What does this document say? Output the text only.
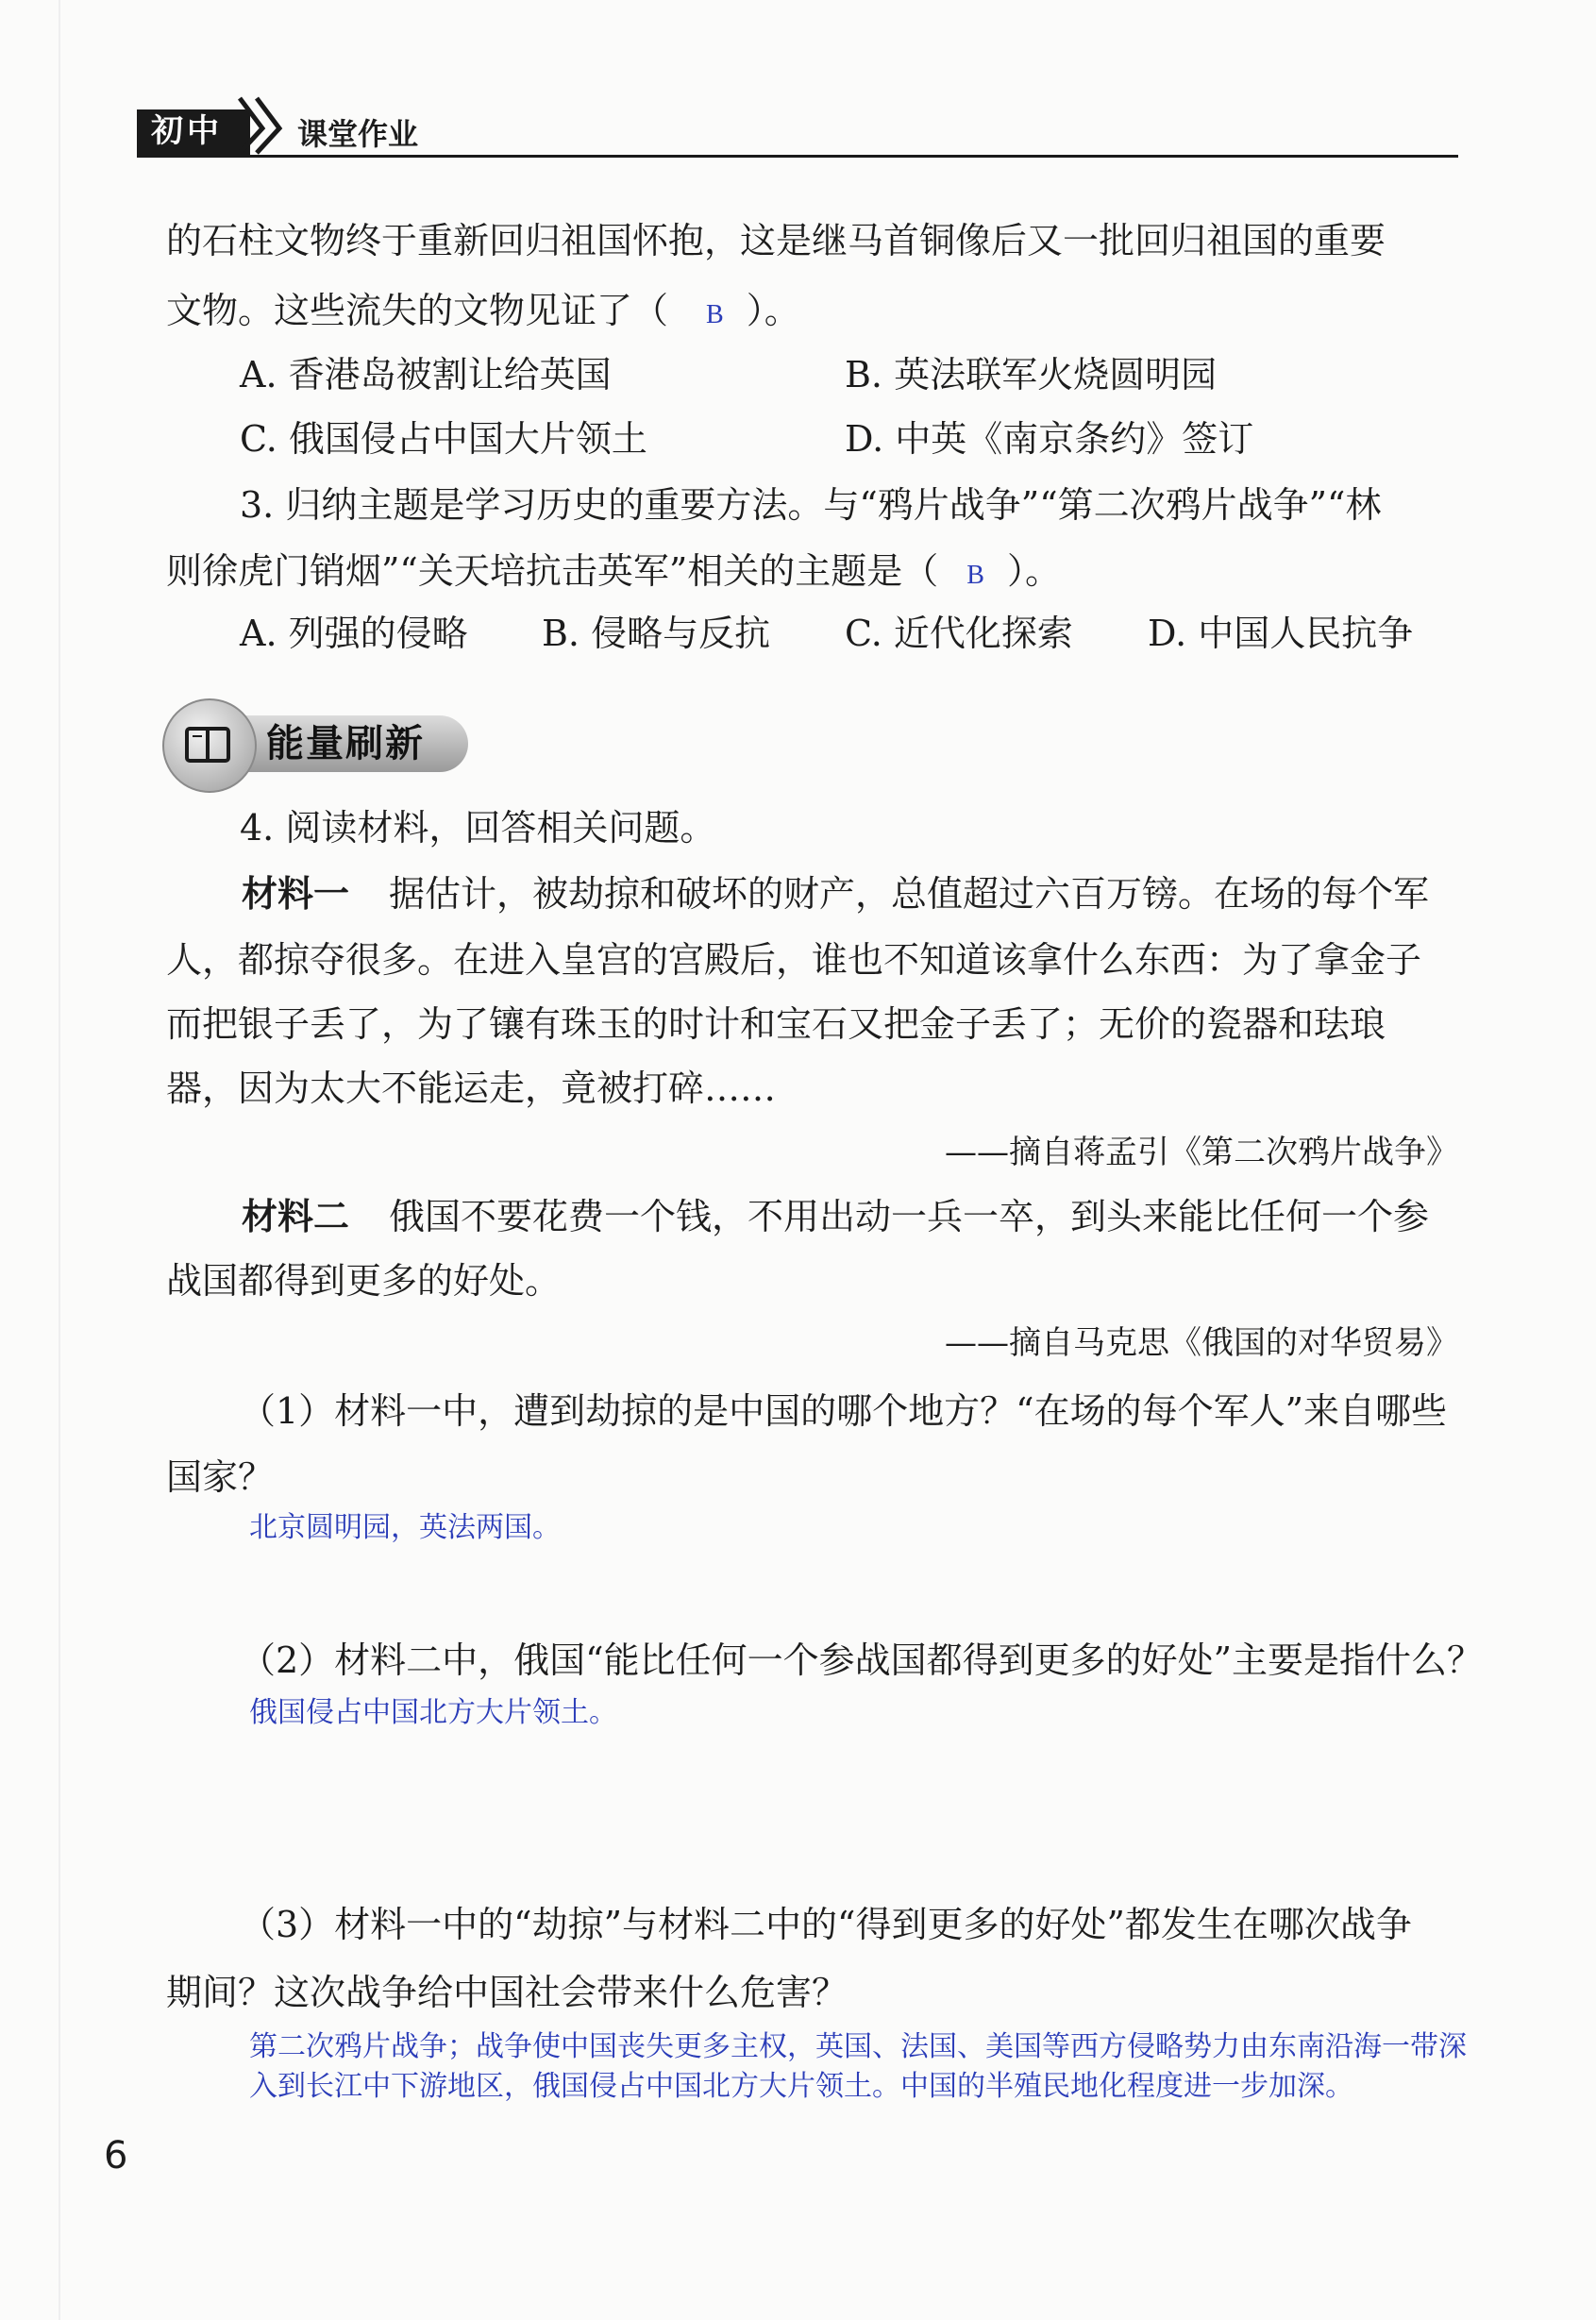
初中 课堂作业
的石柱文物终于重新回归祖国怀抱，这是继马首铜像后又一批回归祖国的重要
文物。这些流失的文物见证了（ B ）。
A. 香港岛被割让给英国	B. 英法联军火烧圆明园
C. 俄国侵占中国大片领土	D. 中英《南京条约》签订
3. 归纳主题是学习历史的重要方法。与“鸦片战争”“第二次鸦片战争”“林
则徐虎门销烟”“关天培抗击英军”相关的主题是（ B ）。
A. 列强的侵略 B. 侵略与反抗 C. 近代化探索 D. 中国人民抗争
能量刷新
4. 阅读材料，回答相关问题。
材料一 据估计，被劫掠和破坏的财产，总值超过六百万镑。在场的每个军
人，都掠夺很多。在进入皇宫的宫殿后，谁也不知道该拿什么东西：为了拿金子
而把银子丢了，为了镶有珠玉的时计和宝石又把金子丢了；无价的瓷器和珐琅
器，因为太大不能运走，竟被打碎……
——摘自蒋孟引《第二次鸦片战争》
材料二 俄国不要花费一个钱，不用出动一兵一卒，到头来能比任何一个参
战国都得到更多的好处。
——摘自马克思《俄国的对华贸易》
（1）材料一中，遭到劫掠的是中国的哪个地方？“在场的每个军人”来自哪些
国家？
北京圆明园，英法两国。
（2）材料二中，俄国“能比任何一个参战国都得到更多的好处”主要是指什么？
俄国侵占中国北方大片领土。
（3）材料一中的“劫掠”与材料二中的“得到更多的好处”都发生在哪次战争
期间？这次战争给中国社会带来什么危害？
第二次鸦片战争；战争使中国丧失更多主权，英国、法国、美国等西方侵略势力由东南沿海一带深
入到长江中下游地区，俄国侵占中国北方大片领土。中国的半殖民地化程度进一步加深。
6
